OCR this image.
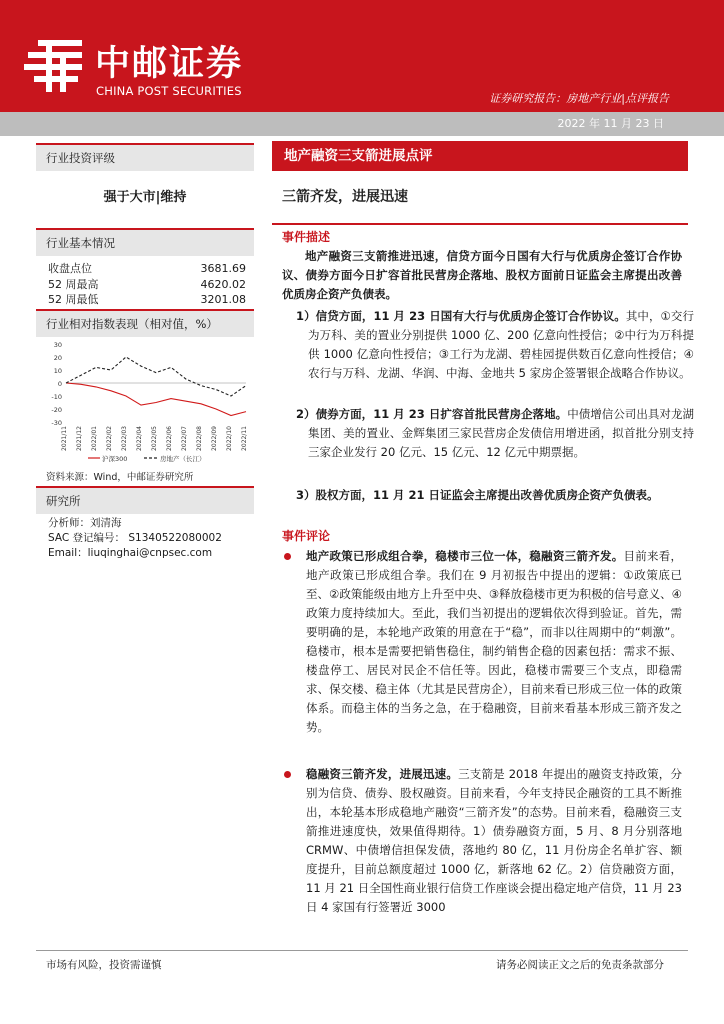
中邮证券
CHINA POST SECURITIES
证券研究报告：房地产行业|点评报告
2022 年 11 月 23 日
行业投资评级
强于大市|维持
行业基本情况
收盘点位	3681.69
52 周最高	4620.02
52 周最低	3201.08
行业相对指数表现（相对值，%）
30
20
10
0
-10
-20
-30
2021/11 2021/12 2022/01 2022/02 2022/03 2022/04 2022/05 2022/06 2022/07 2022/08 2022/09 2022/10 2022/11
沪深300	房地产（长江）
资料来源：Wind，中邮证券研究所
研究所
分析师：刘清海
SAC 登记编号： S1340522080002
Email：liuqinghai@cnpsec.com
地产融资三支箭进展点评
三箭齐发，进展迅速
事件描述
地产融资三支箭推进迅速，信贷方面今日国有大行与优质房企签订合作协议、债券方面今日扩容首批民营房企落地、股权方面前日证监会主席提出改善优质房企资产负债表。
1）信贷方面，11 月 23 日国有大行与优质房企签订合作协议。其中，①交行为万科、美的置业分别提供 1000 亿、200 亿意向性授信；②中行为万科提供 1000 亿意向性授信；③工行为龙湖、碧桂园提供数百亿意向性授信；④农行与万科、龙湖、华润、中海、金地共 5 家房企签署银企战略合作协议。
2）债券方面，11 月 23 日扩容首批民营房企落地。中债增信公司出具对龙湖集团、美的置业、金辉集团三家民营房企发债信用增进函，拟首批分别支持三家企业发行 20 亿元、15 亿元、12 亿元中期票据。
3）股权方面，11 月 21 日证监会主席提出改善优质房企资产负债表。
事件评论
地产政策已形成组合拳，稳楼市三位一体，稳融资三箭齐发。目前来看，地产政策已形成组合拳。我们在 9 月初报告中提出的逻辑：①政策底已至、②政策能级由地方上升至中央、③释放稳楼市更为积极的信号意义、④政策力度持续加大。至此，我们当初提出的逻辑依次得到验证。首先，需要明确的是，本轮地产政策的用意在于“稳”，而非以往周期中的“刺激”。稳楼市，根本是需要把销售稳住，制约销售企稳的因素包括：需求不振、楼盘停工、居民对民企不信任等。因此，稳楼市需要三个支点，即稳需求、保交楼、稳主体（尤其是民营房企），目前来看已形成三位一体的政策体系。而稳主体的当务之急，在于稳融资，目前来看基本形成三箭齐发之势。
稳融资三箭齐发，进展迅速。三支箭是 2018 年提出的融资支持政策，分别为信贷、债券、股权融资。目前来看，今年支持民企融资的工具不断推出，本轮基本形成稳地产融资“三箭齐发”的态势。目前来看，稳融资三支箭推进速度快，效果值得期待。1）债券融资方面，5 月、8 月分别落地 CRMW、中债增信担保发债，落地约 80 亿，11 月份房企名单扩容、额度提升，目前总额度超过 1000 亿，新落地 62 亿。2）信贷融资方面，11 月 21 日全国性商业银行信贷工作座谈会提出稳定地产信贷，11 月 23 日 4 家国有行签署近 3000
市场有风险，投资需谨慎	请务必阅读正文之后的免责条款部分
